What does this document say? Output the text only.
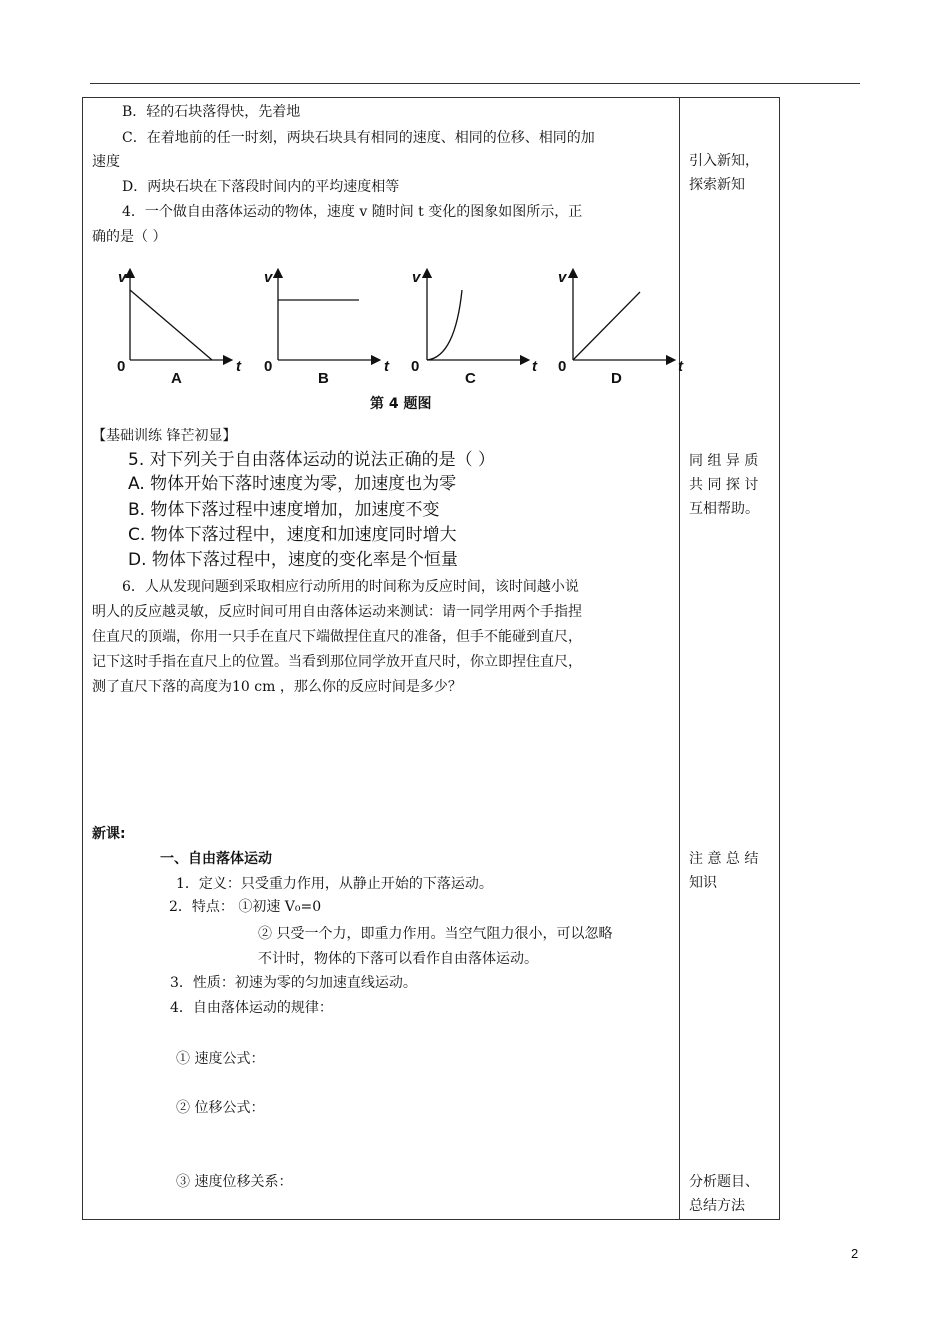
B．轻的石块落得快，先着地
C．在着地前的任一时刻，两块石块具有相同的速度、相同的位移、相同的加
速度
D．两块石块在下落段时间内的平均速度相等
4．一个做自由落体运动的物体，速度 v 随时间 t 变化的图象如图所示，正
确的是（ ）
v
0
A
t
v
0
B
t
v
0
C
t
v
0
D
t
第 4 题图
【基础训练 锋芒初显】
5. 对下列关于自由落体运动的说法正确的是（ ）
A. 物体开始下落时速度为零，加速度也为零
B. 物体下落过程中速度增加，加速度不变
C. 物体下落过程中，速度和加速度同时增大
D. 物体下落过程中，速度的变化率是个恒量
6．人从发现问题到采取相应行动所用的时间称为反应时间，该时间越小说
明人的反应越灵敏，反应时间可用自由落体运动来测试：请一同学用两个手指捏
住直尺的顶端，你用一只手在直尺下端做捏住直尺的准备，但手不能碰到直尺，
记下这时手指在直尺上的位置。当看到那位同学放开直尺时，你立即捏住直尺，
测了直尺下落的高度为10 cm ，那么你的反应时间是多少？
新课:
一、自由落体运动
1．定义：只受重力作用，从静止开始的下落运动。
2．特点： ①初速 V₀=0
② 只受一个力，即重力作用。当空气阻力很小，可以忽略
不计时，物体的下落可以看作自由落体运动。
3．性质：初速为零的匀加速直线运动。
4．自由落体运动的规律：
① 速度公式：
② 位移公式：
③ 速度位移关系：
引入新知，
探索新知
同 组 异 质
共 同 探 讨
互相帮助。
注 意 总 结
知识
分析题目、
总结方法
2
